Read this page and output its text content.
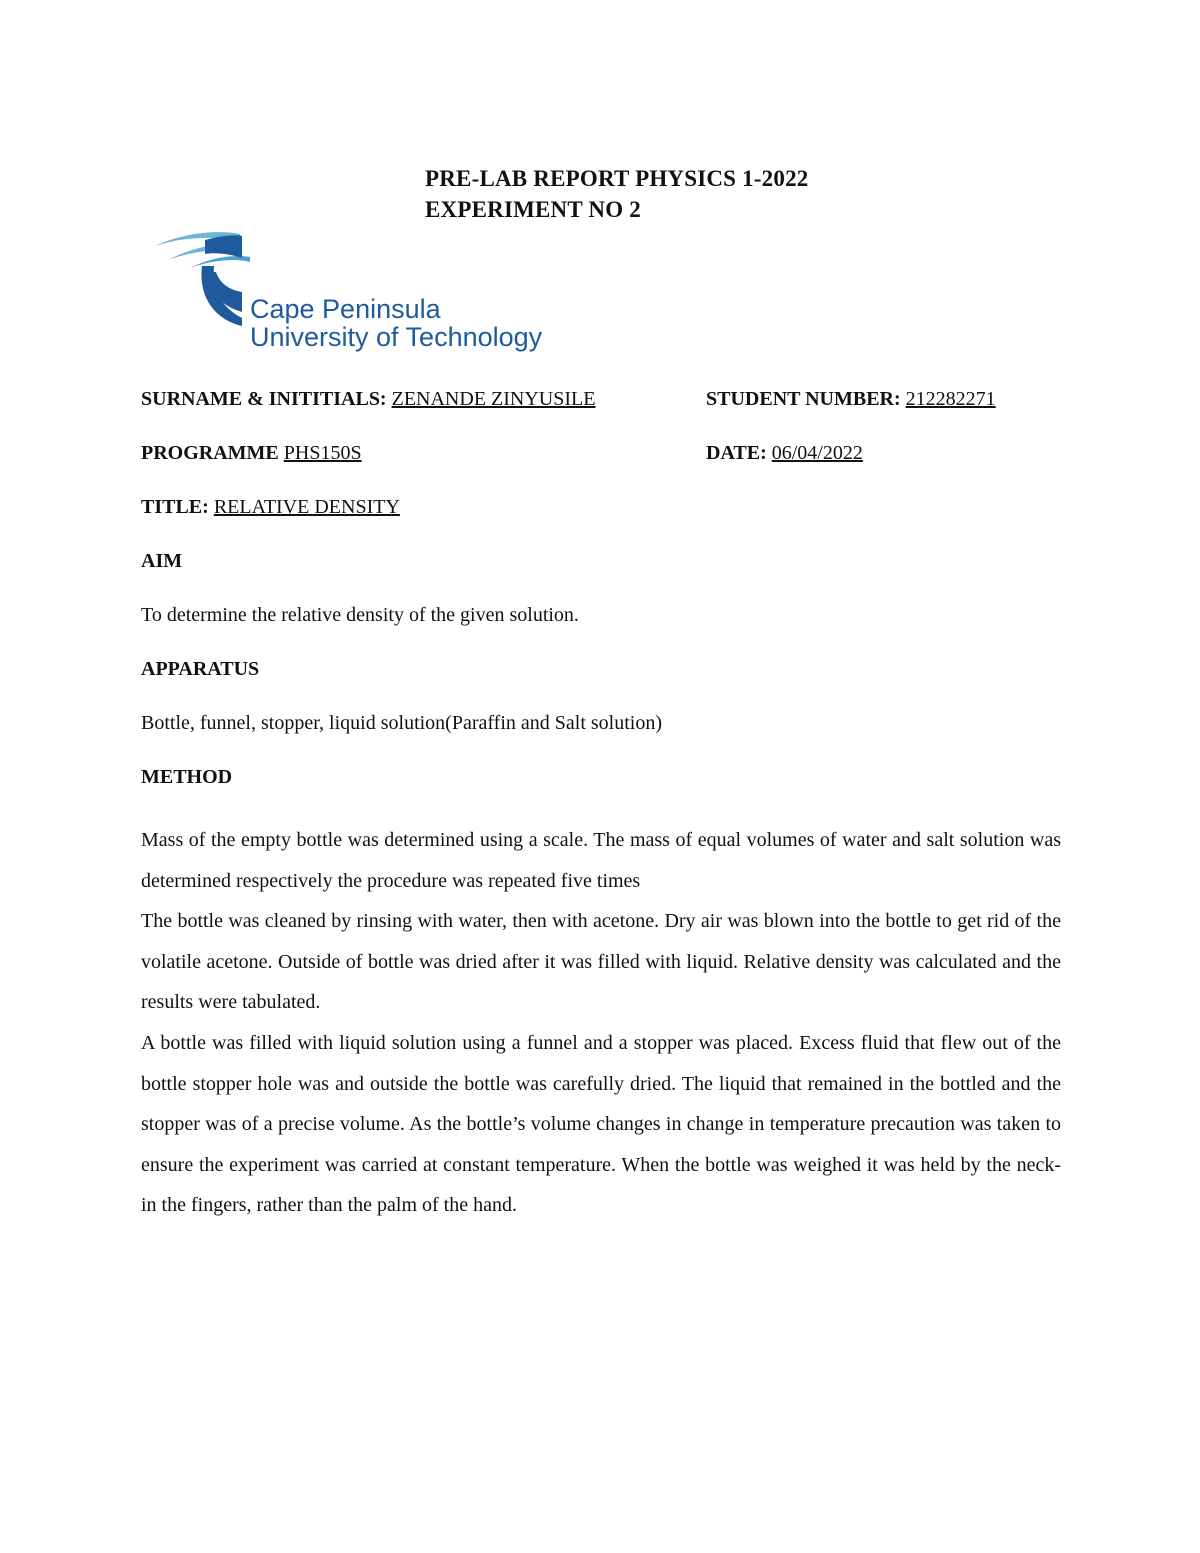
PRE-LAB REPORT PHYSICS 1-2022
EXPERIMENT NO 2
Cape Peninsula
University of Technology
SURNAME & INITITIALS: ZENANDE ZINYUSILE	STUDENT NUMBER: 212282271
PROGRAMME PHS150S	DATE: 06/04/2022
TITLE: RELATIVE DENSITY
AIM
To determine the relative density of the given solution.
APPARATUS
Bottle, funnel, stopper, liquid solution(Paraffin and Salt solution)
METHOD

Mass of the empty bottle was determined using a scale. The mass of equal volumes of water and salt solution was determined respectively the procedure was repeated five times

The bottle was cleaned by rinsing with water, then with acetone. Dry air was blown into the bottle to get rid of the volatile acetone. Outside of bottle was dried after it was filled with liquid. Relative density was calculated and the results were tabulated.

A bottle was filled with liquid solution using a funnel and a stopper was placed. Excess fluid that flew out of the bottle stopper hole was and outside the bottle was carefully dried. The liquid that remained in the bottled and the stopper was of a precise volume. As the bottle’s volume changes in change in temperature precaution was taken to ensure the experiment was carried at constant temperature. When the bottle was weighed it was held by the neck-in the fingers, rather than the palm of the hand.
